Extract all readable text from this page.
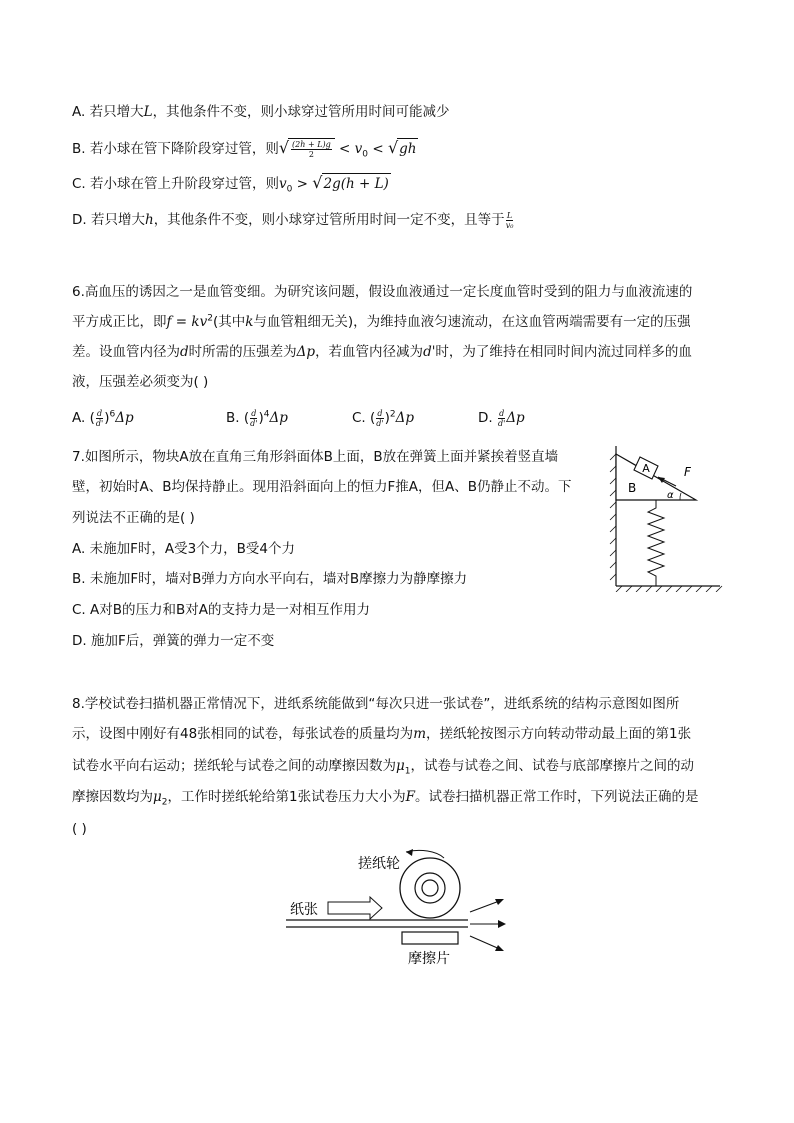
A. 若只增大L，其他条件不变，则小球穿过管所用时间可能减少
B. 若小球在管下降阶段穿过管，则√ $\frac{(2h + L)g}{2} < v_0 < √gh$
C. 若小球在管上升阶段穿过管，则$v_0 > √2g(h + L)$
D. 若只增大h，其他条件不变，则小球穿过管所用时间一定不变，且等于 $\frac{L}{\text{v₀}}$
6.高血压的诱因之一是血管变细。为研究该问题，假设血液通过一定长度血管时受到的阻力与血液流速的
平方成正比，即$f = kv^2$(其中k与血管粗细无关)，为维持血液匀速流动，在这血管两端需要有一定的压强
差。设血管内径为d时所需的压强差为Δp，若血管内径减为d'时，为了维持在相同时间内流过同样多的血
液，压强差必须变为( )
A. ( $\frac{d}{d'} )^6\Delta p$	B. ( $\frac{d}{d'} )^4\Delta p$	C. ( $\frac{d}{d'} )^2\Delta p$	D. $\frac{d}{d'}$ Δp
7.如图所示，物块A放在直角三角形斜面体B上面，B放在弹簧上面并紧挨着竖直墙
壁，初始时A、B均保持静止。现用沿斜面向上的恒力F推A，但A、B仍静止不动。下
列说法不正确的是( )
A. 未施加F时，A受3个力，B受4个力
B. 未施加F时，墙对B弹力方向水平向右，墙对B摩擦力为静摩擦力
C. A对B的压力和B对A的支持力是一对相互作用力
D. 施加F后，弹簧的弹力一定不变
A
B
F
α
8.学校试卷扫描机器正常情况下，进纸系统能做到“每次只进一张试卷”，进纸系统的结构示意图如图所
示，设图中刚好有48张相同的试卷，每张试卷的质量均为m，搓纸轮按图示方向转动带动最上面的第1张
试卷水平向右运动；搓纸轮与试卷之间的动摩擦因数为$\mu_1$，试卷与试卷之间、试卷与底部摩擦片之间的动
摩擦因数均为$\mu_2$，工作时搓纸轮给第1张试卷压力大小为F。试卷扫描机器正常工作时，下列说法正确的是
( )
搓纸轮
纸张
摩擦片
